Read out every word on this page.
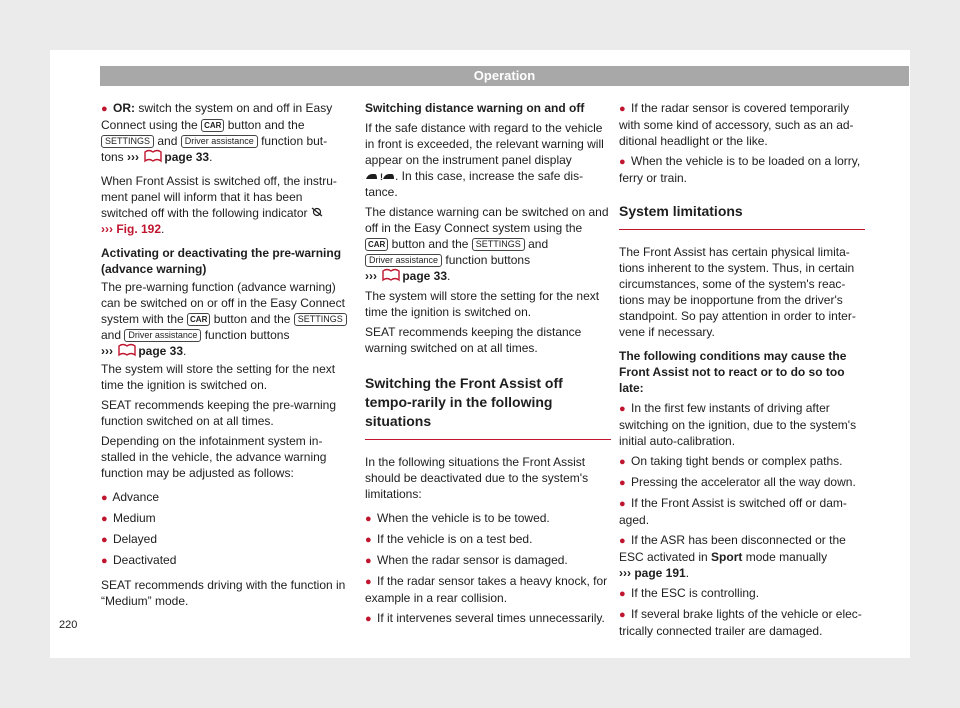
Operation

● OR: switch the system on and off in Easy Connect using the CAR button and the SETTINGS and Driver assistance function but-tons ››› page 33.

When Front Assist is switched off, the instru-ment panel will inform that it has been switched off with the following indicator
››› Fig. 192.

Activating or deactivating the pre-warning (advance warning)

The pre-warning function (advance warning) can be switched on or off in the Easy Connect system with the CAR button and the SETTINGS
and Driver assistance function buttons
››› page 33.

The system will store the setting for the next time the ignition is switched on.

SEAT recommends keeping the pre-warning function switched on at all times.

Depending on the infotainment system in-stalled in the vehicle, the advance warning function may be adjusted as follows:

● Advance
● Medium
● Delayed
● Deactivated

SEAT recommends driving with the function in “Medium” mode.

Switching distance warning on and off

If the safe distance with regard to the vehicle in front is exceeded, the relevant warning will appear on the instrument panel display

! . In this case, increase the safe dis-tance.

The distance warning can be switched on and off in the Easy Connect system using the
CAR button and the SETTINGS and
Driver assistance function buttons
››› page 33.

The system will store the setting for the next time the ignition is switched on.

SEAT recommends keeping the distance warning switched on at all times.

Switching the Front Assist off tempo-rarily in the following situations

In the following situations the Front Assist should be deactivated due to the system's limitations:

● When the vehicle is to be towed.
● If the vehicle is on a test bed.
● When the radar sensor is damaged.
● If the radar sensor takes a heavy knock, for example in a rear collision.
● If it intervenes several times unnecessarily.
● If the radar sensor is covered temporarily with some kind of accessory, such as an ad-ditional headlight or the like.
● When the vehicle is to be loaded on a lorry, ferry or train.
System limitations

The Front Assist has certain physical limita-tions inherent to the system. Thus, in certain circumstances, some of the system's reac-tions may be inopportune from the driver's standpoint. So pay attention in order to inter-vene if necessary.

The following conditions may cause the Front Assist not to react or to do so too late:

● In the first few instants of driving after switching on the ignition, due to the system's initial auto-calibration.
● On taking tight bends or complex paths.
● Pressing the accelerator all the way down.
● If the Front Assist is switched off or dam-aged.
● If the ASR has been disconnected or the ESC activated in Sport mode manually
››› page 191.
● If the ESC is controlling.
● If several brake lights of the vehicle or elec-trically connected trailer are damaged.
220
